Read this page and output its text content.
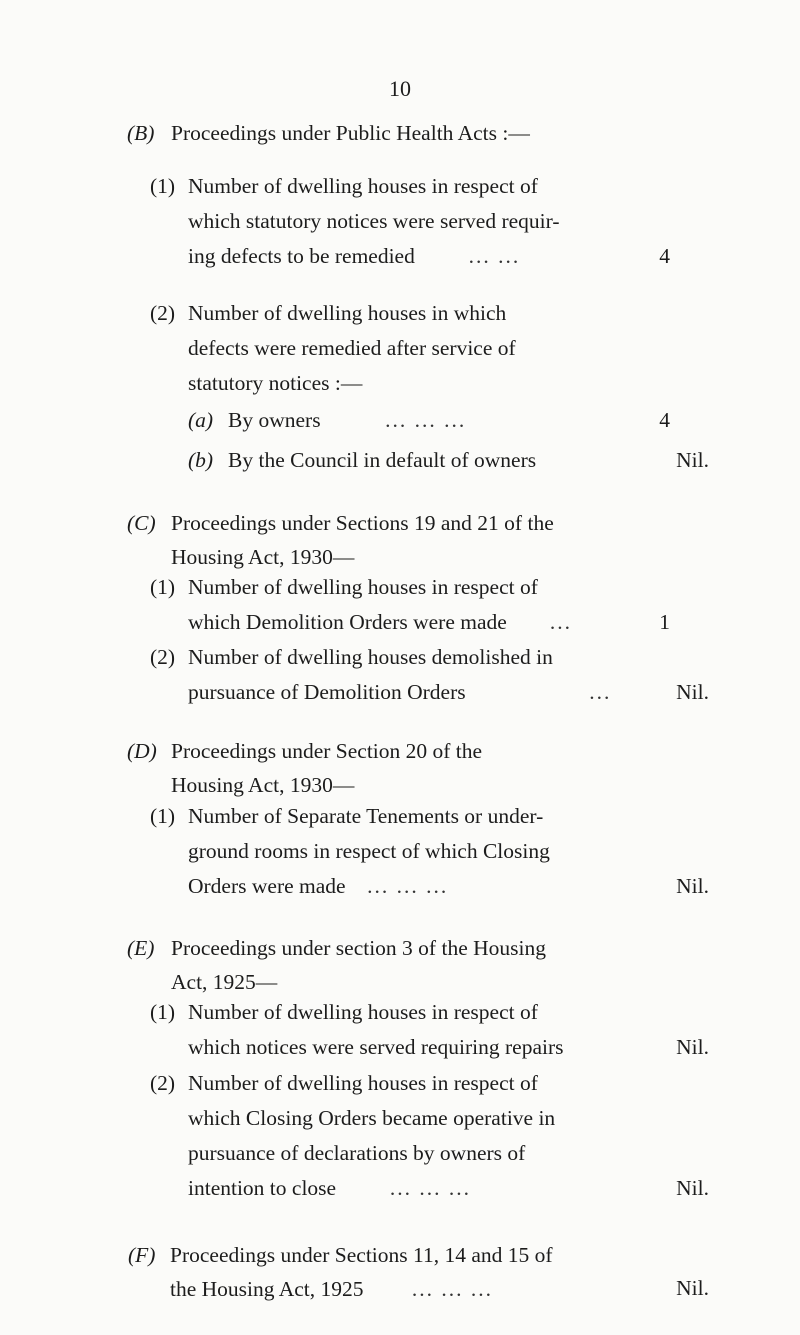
10
(B) Proceedings under Public Health Acts :—
(1) Number of dwelling houses in respect of
which statutory notices were served requir-
ing defects to be remedied	... ...	4
(2) Number of dwelling houses in which
defects were remedied after service of
statutory notices :—
(a) By owners	... ... ...	4
(b) By the Council in default of owners	Nil.
(C) Proceedings under Sections 19 and 21 of the
Housing Act, 1930—
(1) Number of dwelling houses in respect of
which Demolition Orders were made ...	1
(2) Number of dwelling houses demolished in
pursuance of Demolition Orders	...	Nil.
(D) Proceedings under Section 20 of the
Housing Act, 1930—
(1) Number of Separate Tenements or under-
ground rooms in respect of which Closing
Orders were made ... ... ...	Nil.
(E) Proceedings under section 3 of the Housing
Act, 1925—
(1) Number of dwelling houses in respect of
which notices were served requiring repairs	Nil.
(2) Number of dwelling houses in respect of
which Closing Orders became operative in
pursuance of declarations by owners of
intention to close	... ... ...	Nil.
(F) Proceedings under Sections 11, 14 and 15 of
the Housing Act, 1925 ... ... ...	Nil.
